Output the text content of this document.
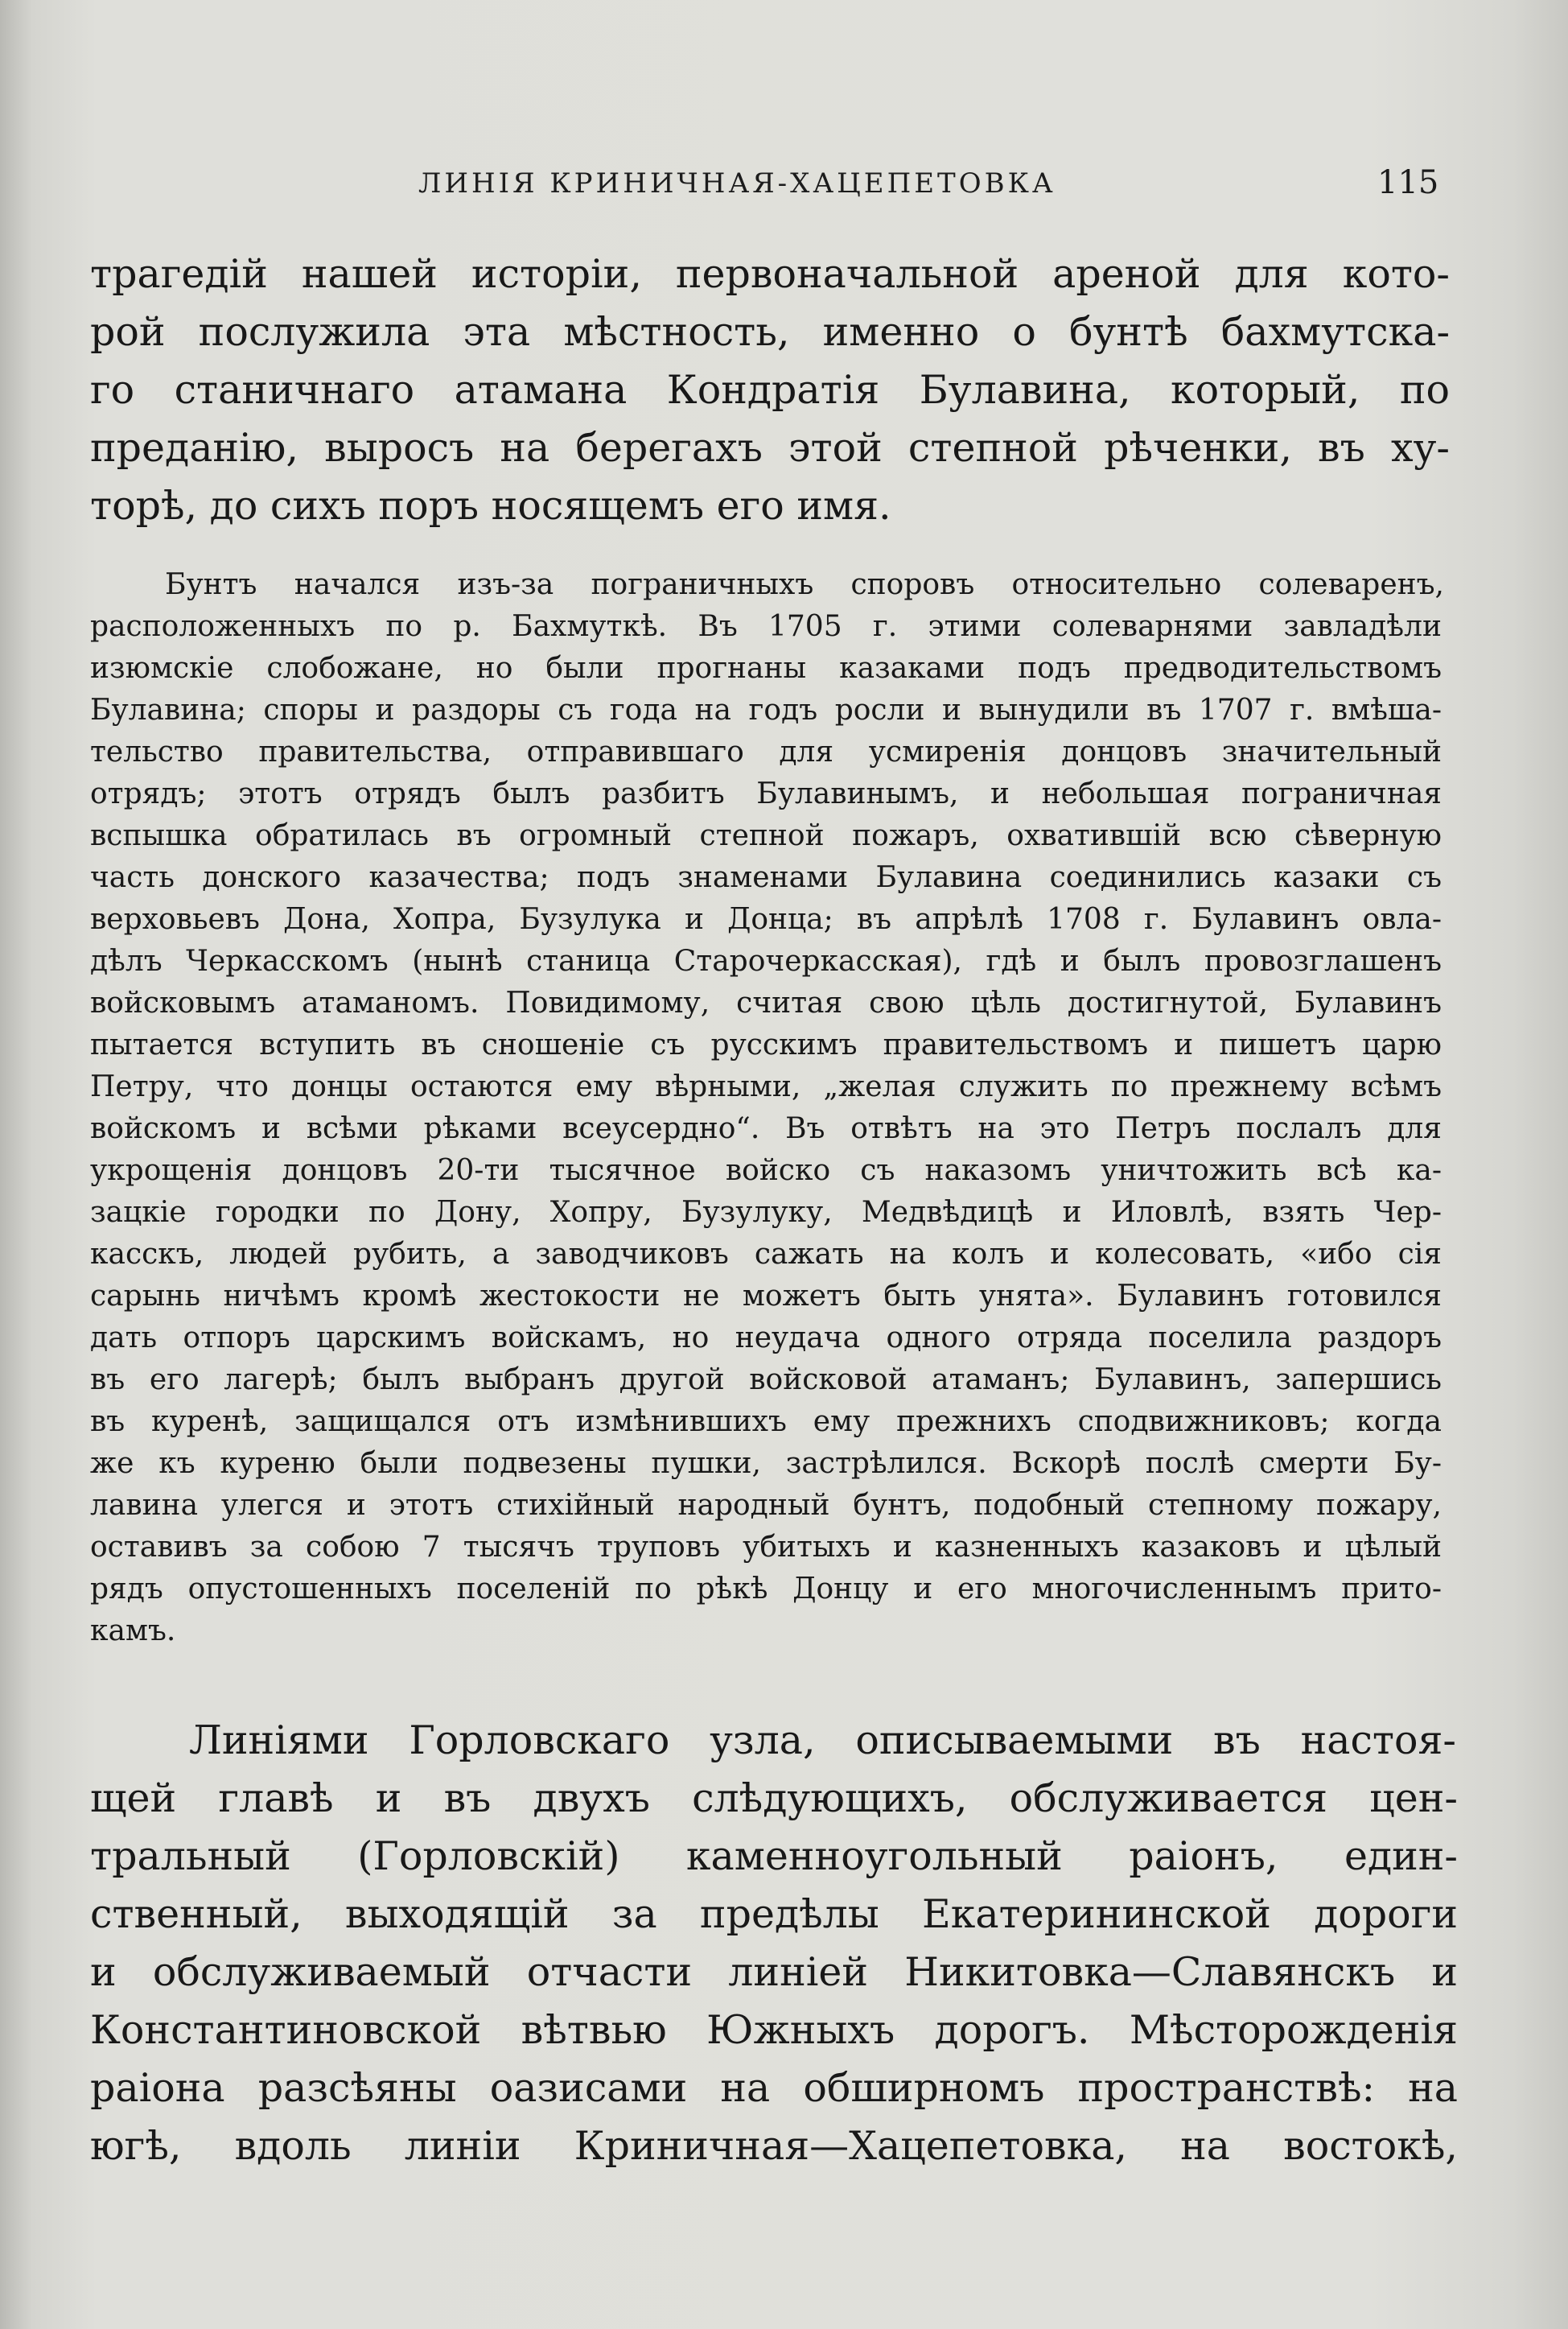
ЛИНІЯ КРИНИЧНАЯ-ХАЦЕПЕТОВКА	115
трагедій нашей исторіи, первоначальной ареной для кото-
рой послужила эта мѣстность, именно о бунтѣ бахмутска-
го станичнаго атамана Кондратія Булавина, который, по
преданію, выросъ на берегахъ этой степной рѣченки, въ ху-
торѣ, до сихъ поръ носящемъ его имя.
Бунтъ начался изъ-за пограничныхъ споровъ относительно солеваренъ,
расположенныхъ по р. Бахмуткѣ. Въ 1705 г. этими солеварнями завладѣли
изюмскіе слобожане, но были прогнаны казаками подъ предводительствомъ
Булавина; споры и раздоры съ года на годъ росли и вынудили въ 1707 г. вмѣша-
тельство правительства, отправившаго для усмиренія донцовъ значительный
отрядъ; этотъ отрядъ былъ разбитъ Булавинымъ, и небольшая пограничная
вспышка обратилась въ огромный степной пожаръ, охватившій всю сѣверную
часть донского казачества; подъ знаменами Булавина соединились казаки съ
верховьевъ Дона, Хопра, Бузулука и Донца; въ апрѣлѣ 1708 г. Булавинъ овла-
дѣлъ Черкасскомъ (нынѣ станица Старочеркасская), гдѣ и былъ провозглашенъ
войсковымъ атаманомъ. Повидимому, считая свою цѣль достигнутой, Булавинъ
пытается вступить въ сношеніе съ русскимъ правительствомъ и пишетъ царю
Петру, что донцы остаются ему вѣрными, „желая служить по прежнему всѣмъ
войскомъ и всѣми рѣками всеусердно“. Въ отвѣтъ на это Петръ послалъ для
укрощенія донцовъ 20-ти тысячное войско съ наказомъ уничтожить всѣ ка-
зацкіе городки по Дону, Хопру, Бузулуку, Медвѣдицѣ и Иловлѣ, взять Чер-
касскъ, людей рубить, а заводчиковъ сажать на колъ и колесовать, «ибо сія
сарынь ничѣмъ кромѣ жестокости не можетъ быть унята». Булавинъ готовился
дать отпоръ царскимъ войскамъ, но неудача одного отряда поселила раздоръ
въ его лагерѣ; былъ выбранъ другой войсковой атаманъ; Булавинъ, запершись
въ куренѣ, защищался отъ измѣнившихъ ему прежнихъ сподвижниковъ; когда
же къ куреню были подвезены пушки, застрѣлился. Вскорѣ послѣ смерти Бу-
лавина улегся и этотъ стихійный народный бунтъ, подобный степному пожару,
оставивъ за собою 7 тысячъ труповъ убитыхъ и казненныхъ казаковъ и цѣлый
рядъ опустошенныхъ поселеній по рѣкѣ Донцу и его многочисленнымъ прито-
камъ.
Линіями Горловскаго узла, описываемыми въ настоя-
щей главѣ и въ двухъ слѣдующихъ, обслуживается цен-
тральный (Горловскій) каменноугольный раіонъ, един-
ственный, выходящій за предѣлы Екатерининской дороги
и обслуживаемый отчасти линіей Никитовка—Славянскъ и
Константиновской вѣтвью Южныхъ дорогъ. Мѣсторожденія
раіона разсѣяны оазисами на обширномъ пространствѣ: на
югѣ, вдоль линіи Криничная—Хацепетовка, на востокѣ,
